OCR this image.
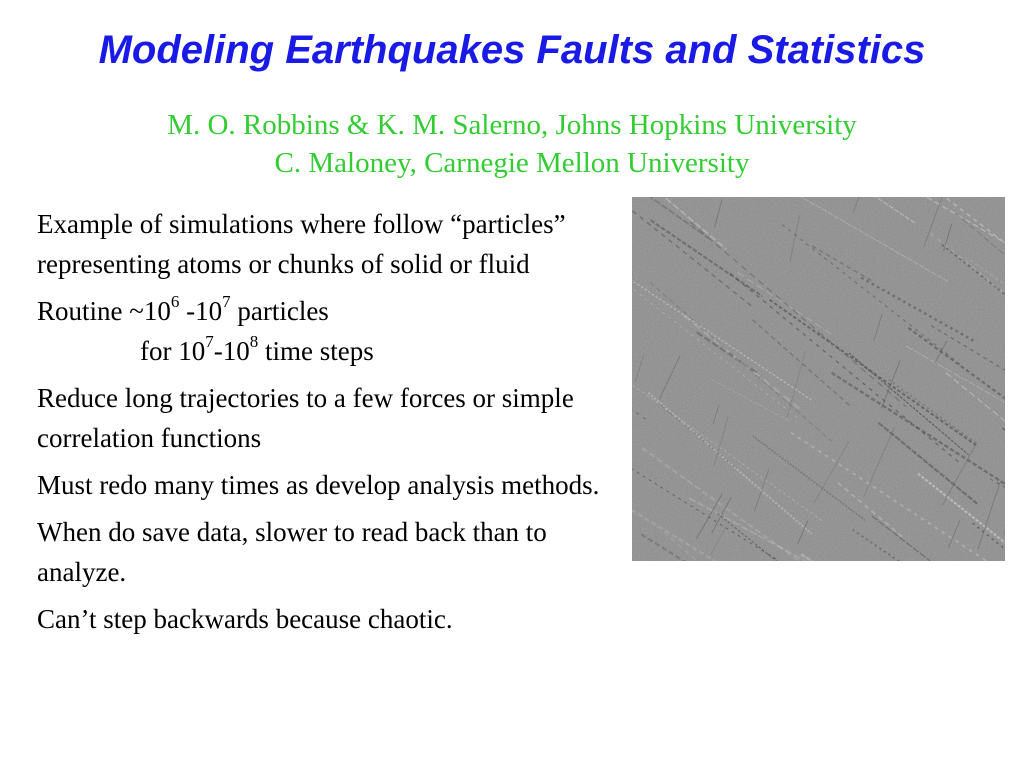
Modeling Earthquakes Faults and Statistics
M. O. Robbins & K. M. Salerno, Johns Hopkins University
C. Maloney, Carnegie Mellon University
Example of simulations where follow “particles” representing atoms or chunks of solid or fluid
Routine $\sim 10^6$ $-10^7$ particles
for $10^7-10^8$ time steps
Reduce long trajectories to a few forces or simple correlation functions
Must redo many times as develop analysis methods.
When do save data, slower to read back than to analyze.
Can’t step backwards because chaotic.
